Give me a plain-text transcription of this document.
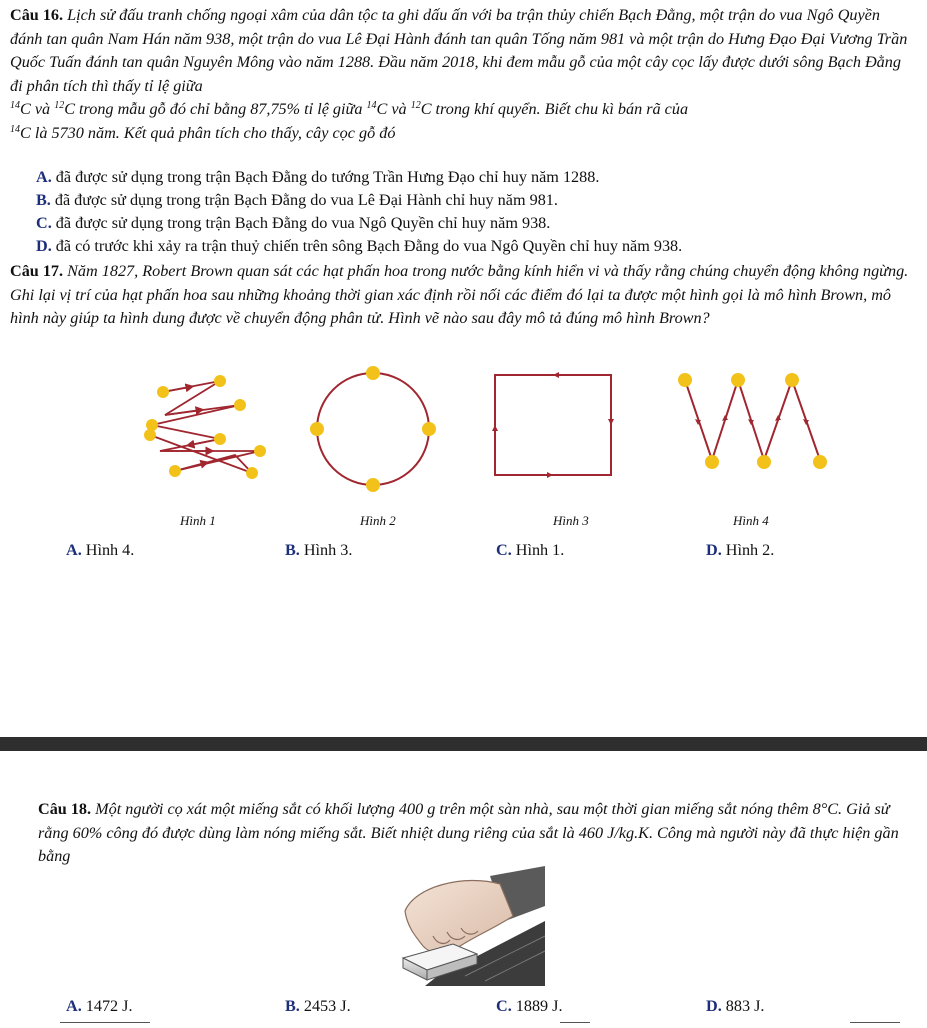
Câu 16. Lịch sử đấu tranh chống ngoại xâm của dân tộc ta ghi dấu ấn với ba trận thủy chiến Bạch Đằng, một trận do vua Ngô Quyền đánh tan quân Nam Hán năm 938, một trận do vua Lê Đại Hành đánh tan quân Tống năm 981 và một trận do Hưng Đạo Đại Vương Trần Quốc Tuấn đánh tan quân Nguyên Mông vào năm 1288. Đầu năm 2018, khi đem mẫu gỗ của một cây cọc lấy được dưới sông Bạch Đằng đi phân tích thì thấy tỉ lệ giữa
$^{14}$C và $^{12}$C trong mẫu gỗ đó chỉ bằng 87,75% tỉ lệ giữa $^{14}$C và $^{12}$C trong khí quyển. Biết chu kì bán rã của
$^{14}$C là 5730 năm. Kết quả phân tích cho thấy, cây cọc gỗ đó
A. đã được sử dụng trong trận Bạch Đằng do tướng Trần Hưng Đạo chỉ huy năm 1288.
B. đã được sử dụng trong trận Bạch Đằng do vua Lê Đại Hành chỉ huy năm 981.
C. đã được sử dụng trong trận Bạch Đằng do vua Ngô Quyền chỉ huy năm 938.
D. đã có trước khi xảy ra trận thuỷ chiến trên sông Bạch Đằng do vua Ngô Quyền chỉ huy năm 938.
Câu 17. Năm 1827, Robert Brown quan sát các hạt phấn hoa trong nước bằng kính hiển vi và thấy rằng chúng chuyển động không ngừng. Ghi lại vị trí của hạt phấn hoa sau những khoảng thời gian xác định rồi nối các điểm đó lại ta được một hình gọi là mô hình Brown, mô hình này giúp ta hình dung được về chuyển động phân tử. Hình vẽ nào sau đây mô tả đúng mô hình Brown?
Hình 1	Hình 2	Hình 3	Hình 4
A. Hình 4.	B. Hình 3.	C. Hình 1.	D. Hình 2.
Câu 18. Một người cọ xát một miếng sắt có khối lượng 400 g trên một sàn nhà, sau một thời gian miếng sắt nóng thêm 8°C. Giả sử rằng 60% công đó được dùng làm nóng miếng sắt. Biết nhiệt dung riêng của sắt là 460 J/kg.K. Công mà người này đã thực hiện gần bằng
A. 1472 J.	B. 2453 J.	C. 1889 J.	D. 883 J.
